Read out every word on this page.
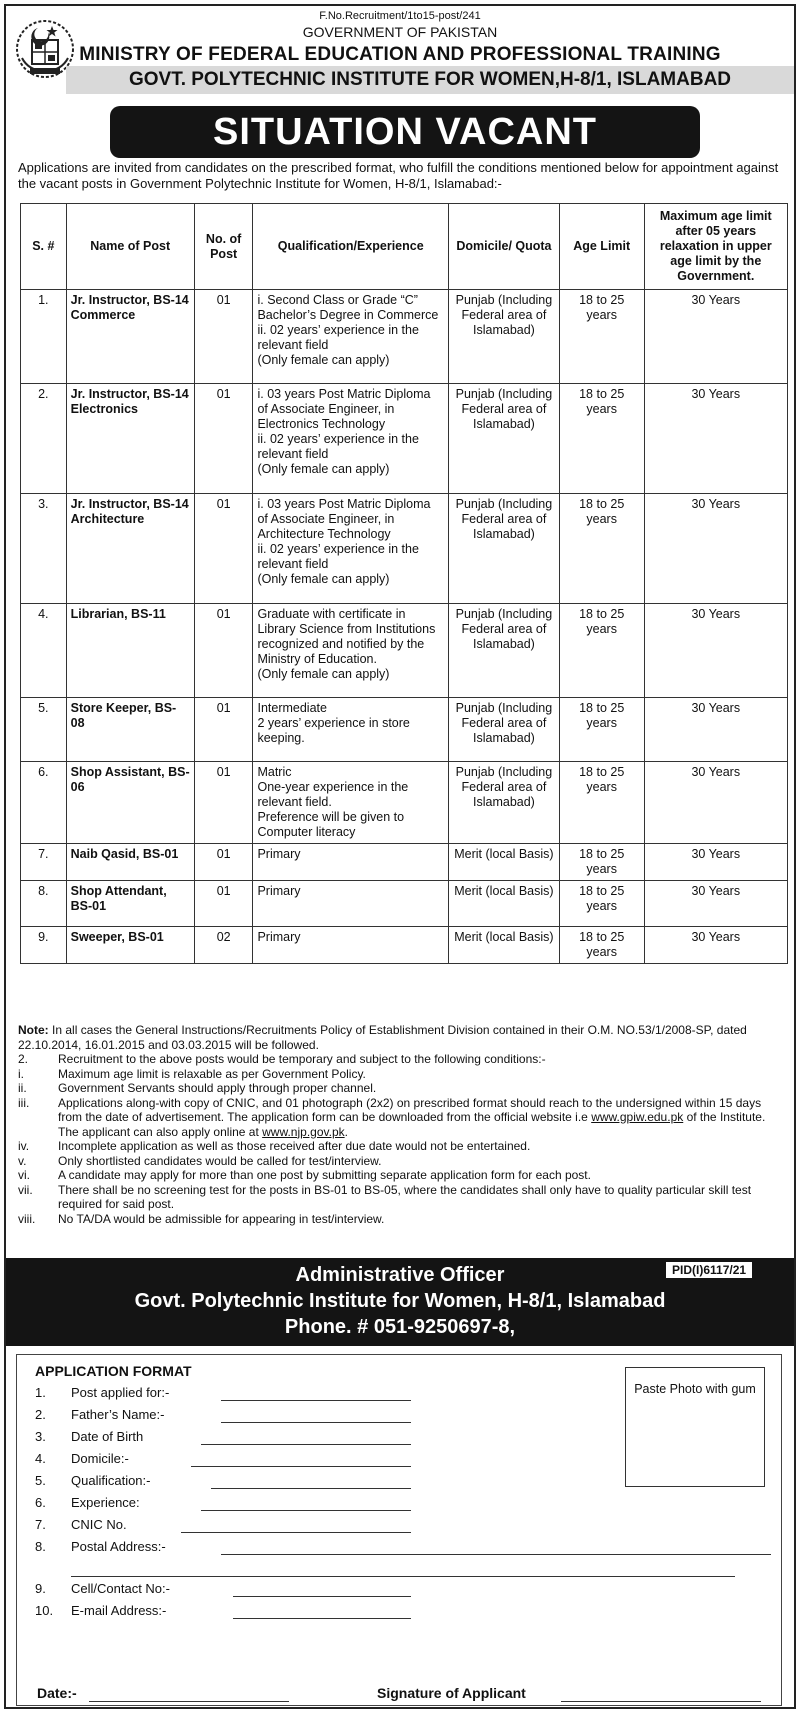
F.No.Recruitment/1to15-post/241
GOVERNMENT OF PAKISTAN
MINISTRY OF FEDERAL EDUCATION AND PROFESSIONAL TRAINING
GOVT. POLYTECHNIC INSTITUTE FOR WOMEN,H-8/1, ISLAMABAD
SITUATION VACANT
Applications are invited from candidates on the prescribed format, who fulfill the conditions mentioned below for appointment against the vacant posts in Government Polytechnic Institute for Women, H-8/1, Islamabad:-
S. #	Name of Post	No. of Post	Qualification/Experience	Domicile/ Quota	Age Limit	Maximum age limit after 05 years relaxation in upper age limit by the Government.
1.	Jr. Instructor, BS-14 Commerce	01	i. Second Class or Grade “C” Bachelor’s Degree in Commerce
ii. 02 years’ experience in the relevant field
(Only female can apply)	Punjab (Including Federal area of Islamabad)	18 to 25 years	30 Years
2.	Jr. Instructor, BS-14 Electronics	01	i. 03 years Post Matric Diploma of Associate Engineer, in Electronics Technology
ii. 02 years’ experience in the relevant field
(Only female can apply)	Punjab (Including Federal area of Islamabad)	18 to 25 years	30 Years
3.	Jr. Instructor, BS-14 Architecture	01	i. 03 years Post Matric Diploma of Associate Engineer, in Architecture Technology
ii. 02 years’ experience in the relevant field
(Only female can apply)	Punjab (Including Federal area of Islamabad)	18 to 25 years	30 Years
4.	Librarian, BS-11	01	Graduate with certificate in Library Science from Institutions recognized and notified by the Ministry of Education.
(Only female can apply)	Punjab (Including Federal area of Islamabad)	18 to 25 years	30 Years
5.	Store Keeper, BS-08	01	Intermediate
2 years’ experience in store keeping.	Punjab (Including Federal area of Islamabad)	18 to 25 years	30 Years
6.	Shop Assistant, BS-06	01	Matric
One-year experience in the relevant field.
Preference will be given to Computer literacy	Punjab (Including Federal area of Islamabad)	18 to 25 years	30 Years
7.	Naib Qasid, BS-01	01	Primary	Merit (local Basis)	18 to 25 years	30 Years
8.	Shop Attendant, BS-01	01	Primary	Merit (local Basis)	18 to 25 years	30 Years
9.	Sweeper, BS-01	02	Primary	Merit (local Basis)	18 to 25 years	30 Years
Note: In all cases the General Instructions/Recruitments Policy of Establishment Division contained in their O.M. NO.53/1/2008-SP, dated 22.10.2014, 16.01.2015 and 03.03.2015 will be followed.
2.	Recruitment to the above posts would be temporary and subject to the following conditions:-
i.	Maximum age limit is relaxable as per Government Policy.
ii.	Government Servants should apply through proper channel.
iii.	Applications along-with copy of CNIC, and 01 photograph (2x2) on prescribed format should reach to the undersigned within 15 days from the date of advertisement. The application form can be downloaded from the official website i.e www.gpiw.edu.pk of the Institute. The applicant can also apply online at www.njp.gov.pk.
iv.	Incomplete application as well as those received after due date would not be entertained.
v.	Only shortlisted candidates would be called for test/interview.
vi.	A candidate may apply for more than one post by submitting separate application form for each post.
vii.	There shall be no screening test for the posts in BS-01 to BS-05, where the candidates shall only have to quality particular skill test required for said post.
viii.	No TA/DA would be admissible for appearing in test/interview.
Administrative Officer
Govt. Polytechnic Institute for Women, H-8/1, Islamabad
Phone. # 051-9250697-8,
PID(I)6117/21
APPLICATION FORMAT
Paste Photo with gum
1.	Post applied for:-
2.	Father’s Name:-
3.	Date of Birth
4.	Domicile:-
5.	Qualification:-
6.	Experience:
7.	CNIC No.
8.	Postal Address:-
9.	Cell/Contact No:-
10.	E-mail Address:-
Date:-	Signature of Applicant
